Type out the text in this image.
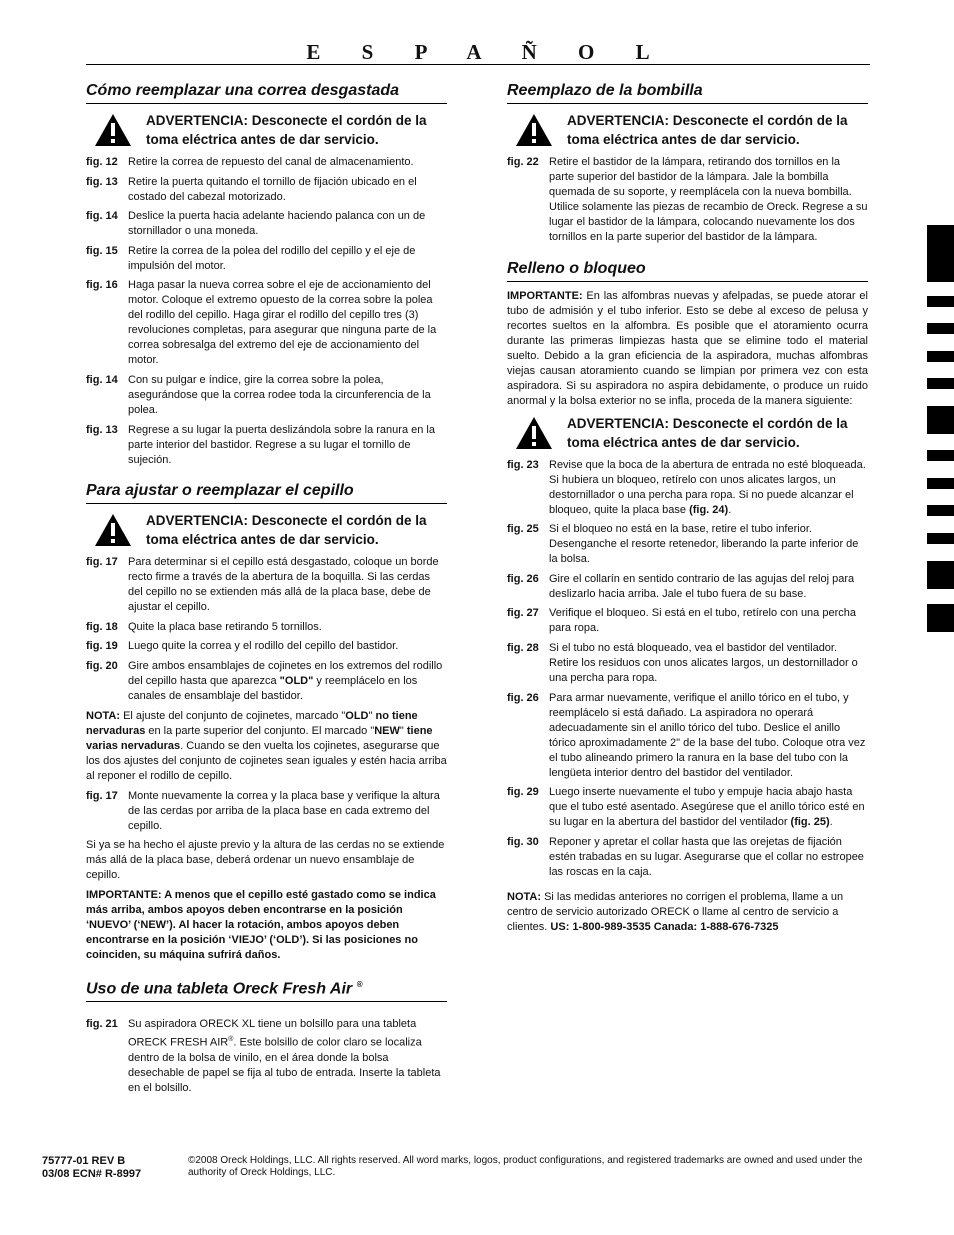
E S P A Ñ O L
Cómo reemplazar una correa desgastada
ADVERTENCIA: Desconecte el cordón de la toma eléctrica antes de dar servicio.
fig. 12 Retire la correa de repuesto del canal de almacenamiento.
fig. 13 Retire la puerta quitando el tornillo de fijación ubicado en el costado del cabezal motorizado.
fig. 14 Deslice la puerta hacia adelante haciendo palanca con un de stornillador o una moneda.
fig. 15 Retire la correa de la polea del rodillo del cepillo y el eje de impulsión del motor.
fig. 16 Haga pasar la nueva correa sobre el eje de accionamiento del motor. Coloque el extremo opuesto de la correa sobre la polea del rodillo del cepillo. Haga girar el rodillo del cepillo tres (3) revoluciones completas, para asegurar que ninguna parte de la correa sobresalga del extremo del eje de accionamiento del motor.
fig. 14 Con su pulgar e índice, gire la correa sobre la polea, asegurándose que la correa rodee toda la circunferencia de la polea.
fig. 13 Regrese a su lugar la puerta deslizándola sobre la ranura en la parte interior del bastidor. Regrese a su lugar el tornillo de sujeción.
Para ajustar o reemplazar el cepillo
ADVERTENCIA: Desconecte el cordón de la toma eléctrica antes de dar servicio.
fig. 17 Para determinar si el cepillo está desgastado, coloque un borde recto firme a través de la abertura de la boquilla. Si las cerdas del cepillo no se extienden más allá de la placa base, debe de ajustar el cepillo.
fig. 18 Quite la placa base retirando 5 tornillos.
fig. 19 Luego quite la correa y el rodillo del cepillo del bastidor.
fig. 20 Gire ambos ensamblajes de cojinetes en los extremos del rodillo del cepillo hasta que aparezca "OLD" y reemplácelo en los canales de ensamblaje del bastidor.

NOTA: El ajuste del conjunto de cojinetes, marcado "OLD" no tiene nervaduras en la parte superior del conjunto. El marcado "NEW" tiene varias nervaduras. Cuando se den vuelta los cojinetes, asegurarse que los dos ajustes del conjunto de cojinetes sean iguales y estén hacia arriba al reponer el rodillo de cepillo.

fig. 17 Monte nuevamente la correa y la placa base y verifique la altura de las cerdas por arriba de la placa base en cada extremo del cepillo.

Si ya se ha hecho el ajuste previo y la altura de las cerdas no se extiende más allá de la placa base, deberá ordenar un nuevo ensamblaje de cepillo.

IMPORTANTE: A menos que el cepillo esté gastado como se indica más arriba, ambos apoyos deben encontrarse en la posición ‘NUEVO’ (‘NEW’). Al hacer la rotación, ambos apoyos deben encontrarse en la posición ‘VIEJO’ (‘OLD’). Si las posiciones no coinciden, su máquina sufrirá daños.

Uso de una tableta Oreck Fresh Air ®
fig. 21 Su aspiradora ORECK XL tiene un bolsillo para una tableta ORECK FRESH AIR®. Este bolsillo de color claro se localiza dentro de la bolsa de vinilo, en el área donde la bolsa desechable de papel se fija al tubo de entrada. Inserte la tableta en el bolsillo.
Reemplazo de la bombilla
ADVERTENCIA: Desconecte el cordón de la toma eléctrica antes de dar servicio.
fig. 22 Retire el bastidor de la lámpara, retirando dos tornillos en la parte superior del bastidor de la lámpara. Jale la bombilla quemada de su soporte, y reemplácela con la nueva bombilla. Utilice solamente las piezas de recambio de Oreck. Regrese a su lugar el bastidor de la lámpara, colocando nuevamente los dos tornillos en la parte superior del bastidor de la lámpara.
Relleno o bloqueo

IMPORTANTE: En las alfombras nuevas y afelpadas, se puede atorar el tubo de admisión y el tubo inferior. Esto se debe al exceso de pelusa y recortes sueltos en la alfombra. Es posible que el atoramiento ocurra durante las primeras limpiezas hasta que se elimine todo el material suelto. Debido a la gran eficiencia de la aspiradora, muchas alfombras viejas causan atoramiento cuando se limpian por primera vez con esta aspiradora. Si su aspiradora no aspira debidamente, o produce un ruido anormal y la bolsa exterior no se infla, proceda de la manera siguiente:

ADVERTENCIA: Desconecte el cordón de la toma eléctrica antes de dar servicio.
fig. 23 Revise que la boca de la abertura de entrada no esté bloqueada. Si hubiera un bloqueo, retírelo con unos alicates largos, un destornillador o una percha para ropa. Si no puede alcanzar el bloqueo, quite la placa base (fig. 24).
fig. 25 Si el bloqueo no está en la base, retire el tubo inferior. Desenganche el resorte retenedor, liberando la parte inferior de la bolsa.
fig. 26 Gire el collarín en sentido contrario de las agujas del reloj para deslizarlo hacia arriba. Jale el tubo fuera de su base.
fig. 27 Verifique el bloqueo. Si está en el tubo, retírelo con una percha para ropa.
fig. 28 Si el tubo no está bloqueado, vea el bastidor del ventilador. Retire los residuos con unos alicates largos, un destornillador o una percha para ropa.
fig. 26 Para armar nuevamente, verifique el anillo tórico en el tubo, y reemplácelo si está dañado. La aspiradora no operará adecuadamente sin el anillo tórico del tubo. Deslice el anillo tórico aproximadamente 2" de la base del tubo. Coloque otra vez el tubo alineando primero la ranura en la base del tubo con la lengüeta interior dentro del bastidor del ventilador.
fig. 29 Luego inserte nuevamente el tubo y empuje hacia abajo hasta que el tubo esté asentado. Asegúrese que el anillo tórico esté en su lugar en la abertura del bastidor del ventilador (fig. 25).
fig. 30 Reponer y apretar el collar hasta que las orejetas de fijación estén trabadas en su lugar. Asegurarse que el collar no estropee las roscas en la caja.

NOTA: Si las medidas anteriores no corrigen el problema, llame a un centro de servicio autorizado ORECK o llame al centro de servicio a clientes. US: 1-800-989-3535 Canada: 1-888-676-7325

75777-01 REV B
03/08 ECN# R-8997
©2008 Oreck Holdings, LLC. All rights reserved. All word marks, logos, product configurations, and registered trademarks are owned and used under the authority of Oreck Holdings, LLC.
